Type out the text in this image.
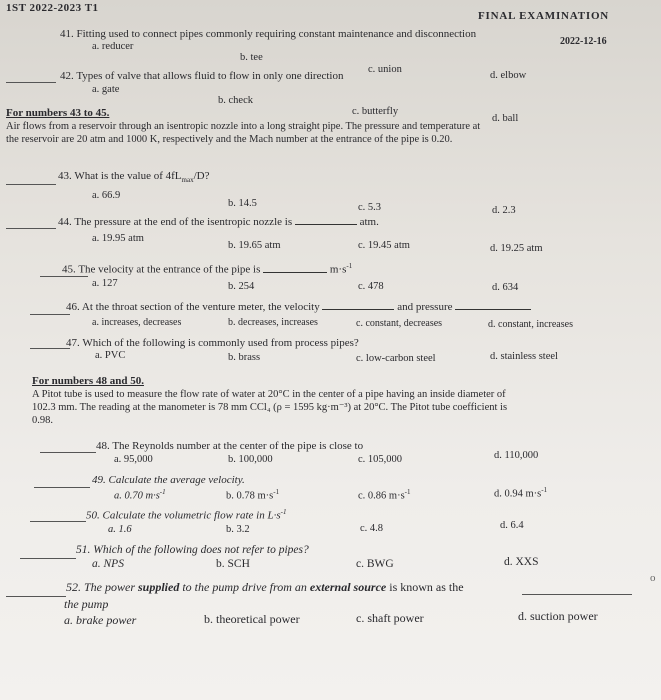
1ST 2022-2023 T1
FINAL EXAMINATION
2022-12-16
41. Fitting used to connect pipes commonly requiring constant maintenance and disconnection
a. reducer
b. tee
c. union
d. elbow
42. Types of valve that allows fluid to flow in only one direction
a. gate
b. check
c. butterfly
d. ball
For numbers 43 to 45.
Air flows from a reservoir through an isentropic nozzle into a long straight pipe. The pressure and temperature at
the reservoir are 20 atm and 1000 K, respectively and the Mach number at the entrance of the pipe is 0.20.
43. What is the value of $4fL_{max}/D$?
a. 66.9
b. 14.5	c. 5.3	d. 2.3
44. The pressure at the end of the isentropic nozzle is	atm.
a. 19.95 atm
b. 19.65 atm	c. 19.45 atm	d. 19.25 atm
45. The velocity at the entrance of the pipe is	$m\cdot s^{-1}$
a. 127	b. 254	c. 478	d. 634
46. At the throat section of the venture meter, the velocity	and pressure
a. increases, decreases	b. decreases, increases	c. constant, decreases	d. constant, increases
47. Which of the following is commonly used from process pipes?
a. PVC	b. brass	c. low-carbon steel	d. stainless steel
For numbers 48 and 50.
A Pitot tube is used to measure the flow rate of water at 20°C in the center of a pipe having an inside diameter of
102.3 mm. The reading at the manometer is 78 mm CCl₄ (ρ = 1595 kg·m⁻³) at 20°C. The Pitot tube coefficient is
0.98.
48. The Reynolds number at the center of the pipe is close to
a. 95,000	b. 100,000	c. 105,000	d. 110,000
49. Calculate the average velocity.
a. 0.70 $m\cdot s^{-1}$	b. 0.78 $m\cdot s^{-1}$	c. 0.86 $m\cdot s^{-1}$	d. 0.94 $m\cdot s^{-1}$
50. Calculate the volumetric flow rate in $L\cdot s^{-1}$
a. 1.6	b. 3.2	c. 4.8	d. 6.4
51. Which of the following does not refer to pipes?
a. NPS	b. SCH	c. BWG	d. XXS
52. The power supplied to the pump drive from an external source is known as the
the pump
a. brake power	b. theoretical power	c. shaft power	d. suction power
o
